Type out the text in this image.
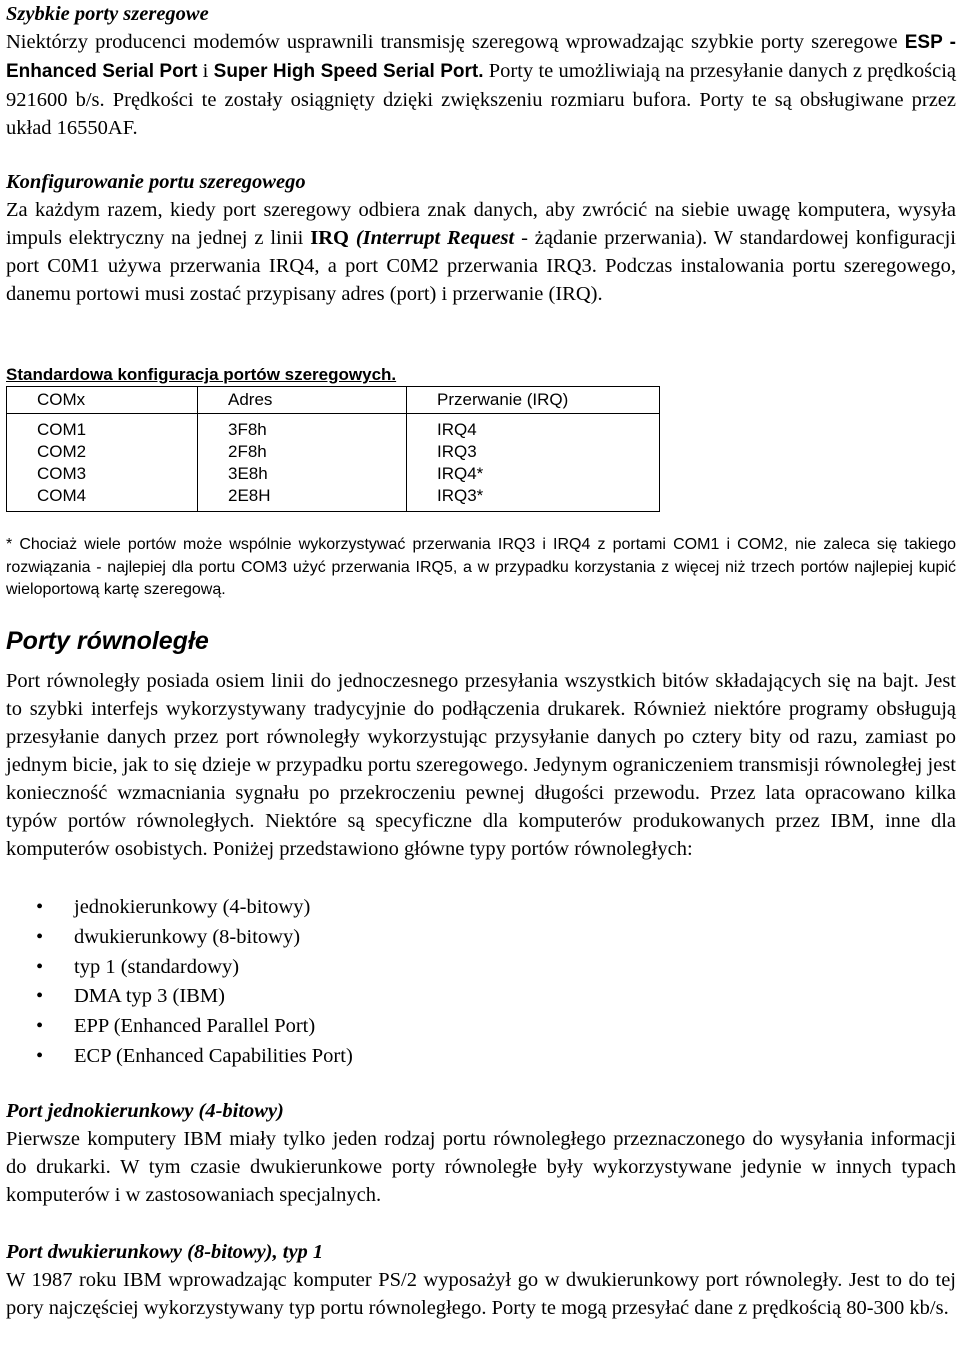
Szybkie porty szeregowe

Niektórzy producenci modemów usprawnili transmisję szeregową wprowadzając szybkie porty szeregowe ESP - Enhanced Serial Port i Super High Speed Serial Port. Porty te umożliwiają na przesyłanie danych z prędkością 921600 b/s. Prędkości te zostały osiągnięty dzięki zwiększeniu rozmiaru bufora. Porty te są obsługiwane przez układ 16550AF.

Konfigurowanie portu szeregowego

Za każdym razem, kiedy port szeregowy odbiera znak danych, aby zwrócić na siebie uwagę komputera, wysyła impuls elektryczny na jednej z linii IRQ (Interrupt Request - żądanie przerwania). W standardowej konfiguracji port C0M1 używa przerwania IRQ4, a port C0M2 przerwania IRQ3. Podczas instalowania portu szeregowego, danemu portowi musi zostać przypisany adres (port) i przerwanie (IRQ).

Standardowa konfiguracja portów szeregowych.

COMx	Adres	Przerwanie (IRQ)
COM1	3F8h	IRQ4
COM2	2F8h	IRQ3
COM3	3E8h	IRQ4*
COM4	2E8H	IRQ3*

* Chociaż wiele portów może wspólnie wykorzystywać przerwania IRQ3 i IRQ4 z portami COM1 i COM2, nie zaleca się takiego rozwiązania - najlepiej dla portu COM3 użyć przerwania IRQ5, a w przypadku korzystania z więcej niż trzech portów najlepiej kupić wieloportową kartę szeregową.

Porty równoległe

Port równoległy posiada osiem linii do jednoczesnego przesyłania wszystkich bitów składających się na bajt. Jest to szybki interfejs wykorzystywany tradycyjnie do podłączenia drukarek. Również niektóre programy obsługują przesyłanie danych przez port równoległy wykorzystując przysyłanie danych po cztery bity od razu, zamiast po jednym bicie, jak to się dzieje w przypadku portu szeregowego. Jedynym ograniczeniem transmisji równoległej jest konieczność wzmacniania sygnału po przekroczeniu pewnej długości przewodu. Przez lata opracowano kilka typów portów równoległych. Niektóre są specyficzne dla komputerów produkowanych przez IBM, inne dla komputerów osobistych. Poniżej przedstawiono główne typy portów równoległych:

• jednokierunkowy (4-bitowy)
• dwukierunkowy (8-bitowy)
• typ 1 (standardowy)
• DMA typ 3 (IBM)
• EPP (Enhanced Parallel Port)
• ECP (Enhanced Capabilities Port)

Port jednokierunkowy (4-bitowy)

Pierwsze komputery IBM miały tylko jeden rodzaj portu równoległego przeznaczonego do wysyłania informacji do drukarki. W tym czasie dwukierunkowe porty równoległe były wykorzystywane jedynie w innych typach komputerów i w zastosowaniach specjalnych.

Port dwukierunkowy (8-bitowy), typ 1

W 1987 roku IBM wprowadzając komputer PS/2 wyposażył go w dwukierunkowy port równoległy. Jest to do tej pory najczęściej wykorzystywany typ portu równoległego. Porty te mogą przesyłać dane z prędkością 80-300 kb/s.
